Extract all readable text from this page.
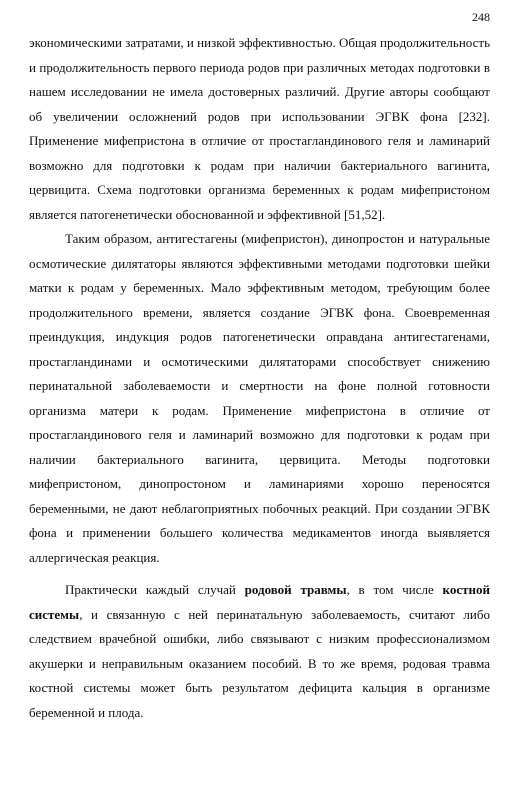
248

экономическими затратами, и низкой эффективностью. Общая продолжительность и продолжительность первого периода родов при различных методах подготовки в нашем исследовании не имела достоверных различий. Другие авторы сообщают об увеличении осложнений родов при использовании ЭГВК фона [232]. Применение мифепристона в отличие от простагландинового геля и ламинарий возможно для подготовки к родам при наличии бактериального вагинита, цервицита. Схема подготовки организма беременных к родам мифепристоном является патогенетически обоснованной и эффективной [51,52].

Таким образом, антигестагены (мифепристон), динопростон и натуральные осмотические дилятаторы являются эффективными методами подготовки шейки матки к родам у беременных. Мало эффективным методом, требующим более продолжительного времени, является создание ЭГВК фона. Своевременная преиндукция, индукция родов патогенетически оправдана антигестагенами, простагландинами и осмотическими дилятаторами способствует снижению перинатальной заболеваемости и смертности на фоне полной готовности организма матери к родам. Применение мифепристона в отличие от простагландинового геля и ламинарий возможно для подготовки к родам при наличии бактериального вагинита, цервицита. Методы подготовки мифепристоном, динопростоном и ламинариями хорошо переносятся беременными, не дают неблагоприятных побочных реакций. При создании ЭГВК фона и применении большего количества медикаментов иногда выявляется аллергическая реакция.

Практически каждый случай родовой травмы, в том числе костной системы, и связанную с ней перинатальную заболеваемость, считают либо следствием врачебной ошибки, либо связывают с низким профессионализмом акушерки и неправильным оказанием пособий. В то же время, родовая травма костной системы может быть результатом дефицита кальция в организме беременной и плода.
